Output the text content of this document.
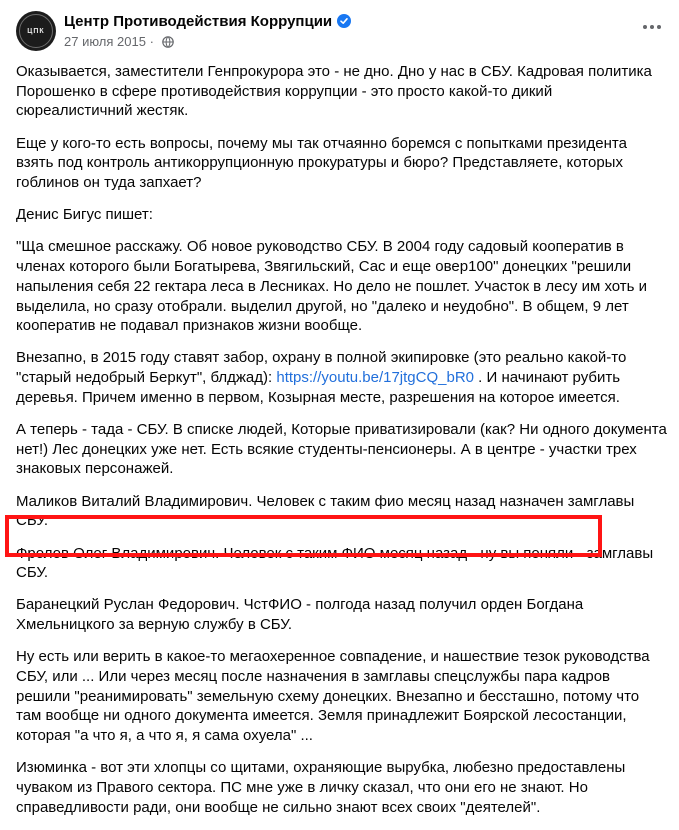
ЦПК
Центр Противодействия Коррупции
27 июля 2015 ·

Оказывается, заместители Генпрокурора это - не дно. Дно у нас в СБУ. Кадровая политика Порошенко в сфере противодействия коррупции - это просто какой-то дикий сюреалистичний жестяк.

Еще у кого-то есть вопросы, почему мы так отчаянно боремся с попытками президента взять под контроль антикоррупционную прокуратуры и бюро? Представляете, которых гоблинов он туда запхает?

Денис Бигус пишет:

"Ща смешное расскажу. Об новое руководство СБУ. В 2004 году садовый кооператив в членах которого были Богатырева, Звягильский, Сас и еще овер100" донецких "решили напыления себя 22 гектара леса в Лесниках. Но дело не пошлет. Участок в лесу им хоть и выделила, но сразу отобрали. выделил другой, но "далеко и неудобно". В общем, 9 лет кооператив не подавал признаков жизни вообще.

Внезапно, в 2015 году ставят забор, охрану в полной экипировке (это реально какой-то "старый недобрый Беркут", блджад): https://youtu.be/17jtgCQ_bR0 . И начинают рубить деревья. Причем именно в первом, Козырная месте, разрешения на которое имеется.

А теперь - тада - СБУ. В списке людей, Которые приватизировали (как? Ни одного документа нет!) Лес донецких уже нет. Есть всякие студенты-пенсионеры. А в центре - участки трех знаковых персонажей.

Маликов Виталий Владимирович. Человек с таким фио месяц назад назначен замглавы СБУ.

Фролов Олег Владимирович. Человек с таким ФИО месяц назад - ну вы поняли - замглавы СБУ.

Баранецкий Руслан Федорович. ЧстФИО - полгода назад получил орден Богдана Хмельницкого за верную службу в СБУ.

Ну есть или верить в какое-то мегаохеренное совпадение, и нашествие тезок руководства СБУ, или ... Или через месяц после назначения в замглавы спецслужбы пара кадров решили "реанимировать" земельную схему донецких. Внезапно и бессташно, потому что там вообще ни одного документа имеется. Земля принадлежит Боярской лесостанции, которая "а что я, а что я, я сама охуела" ...

Изюминка - вот эти хлопцы со щитами, охраняющие вырубка, любезно предоставлены чуваком из Правого сектора. ПС мне уже в личку сказал, что они его не знают. Но справедливости ради, они вообще не сильно знают всех своих "деятелей".
